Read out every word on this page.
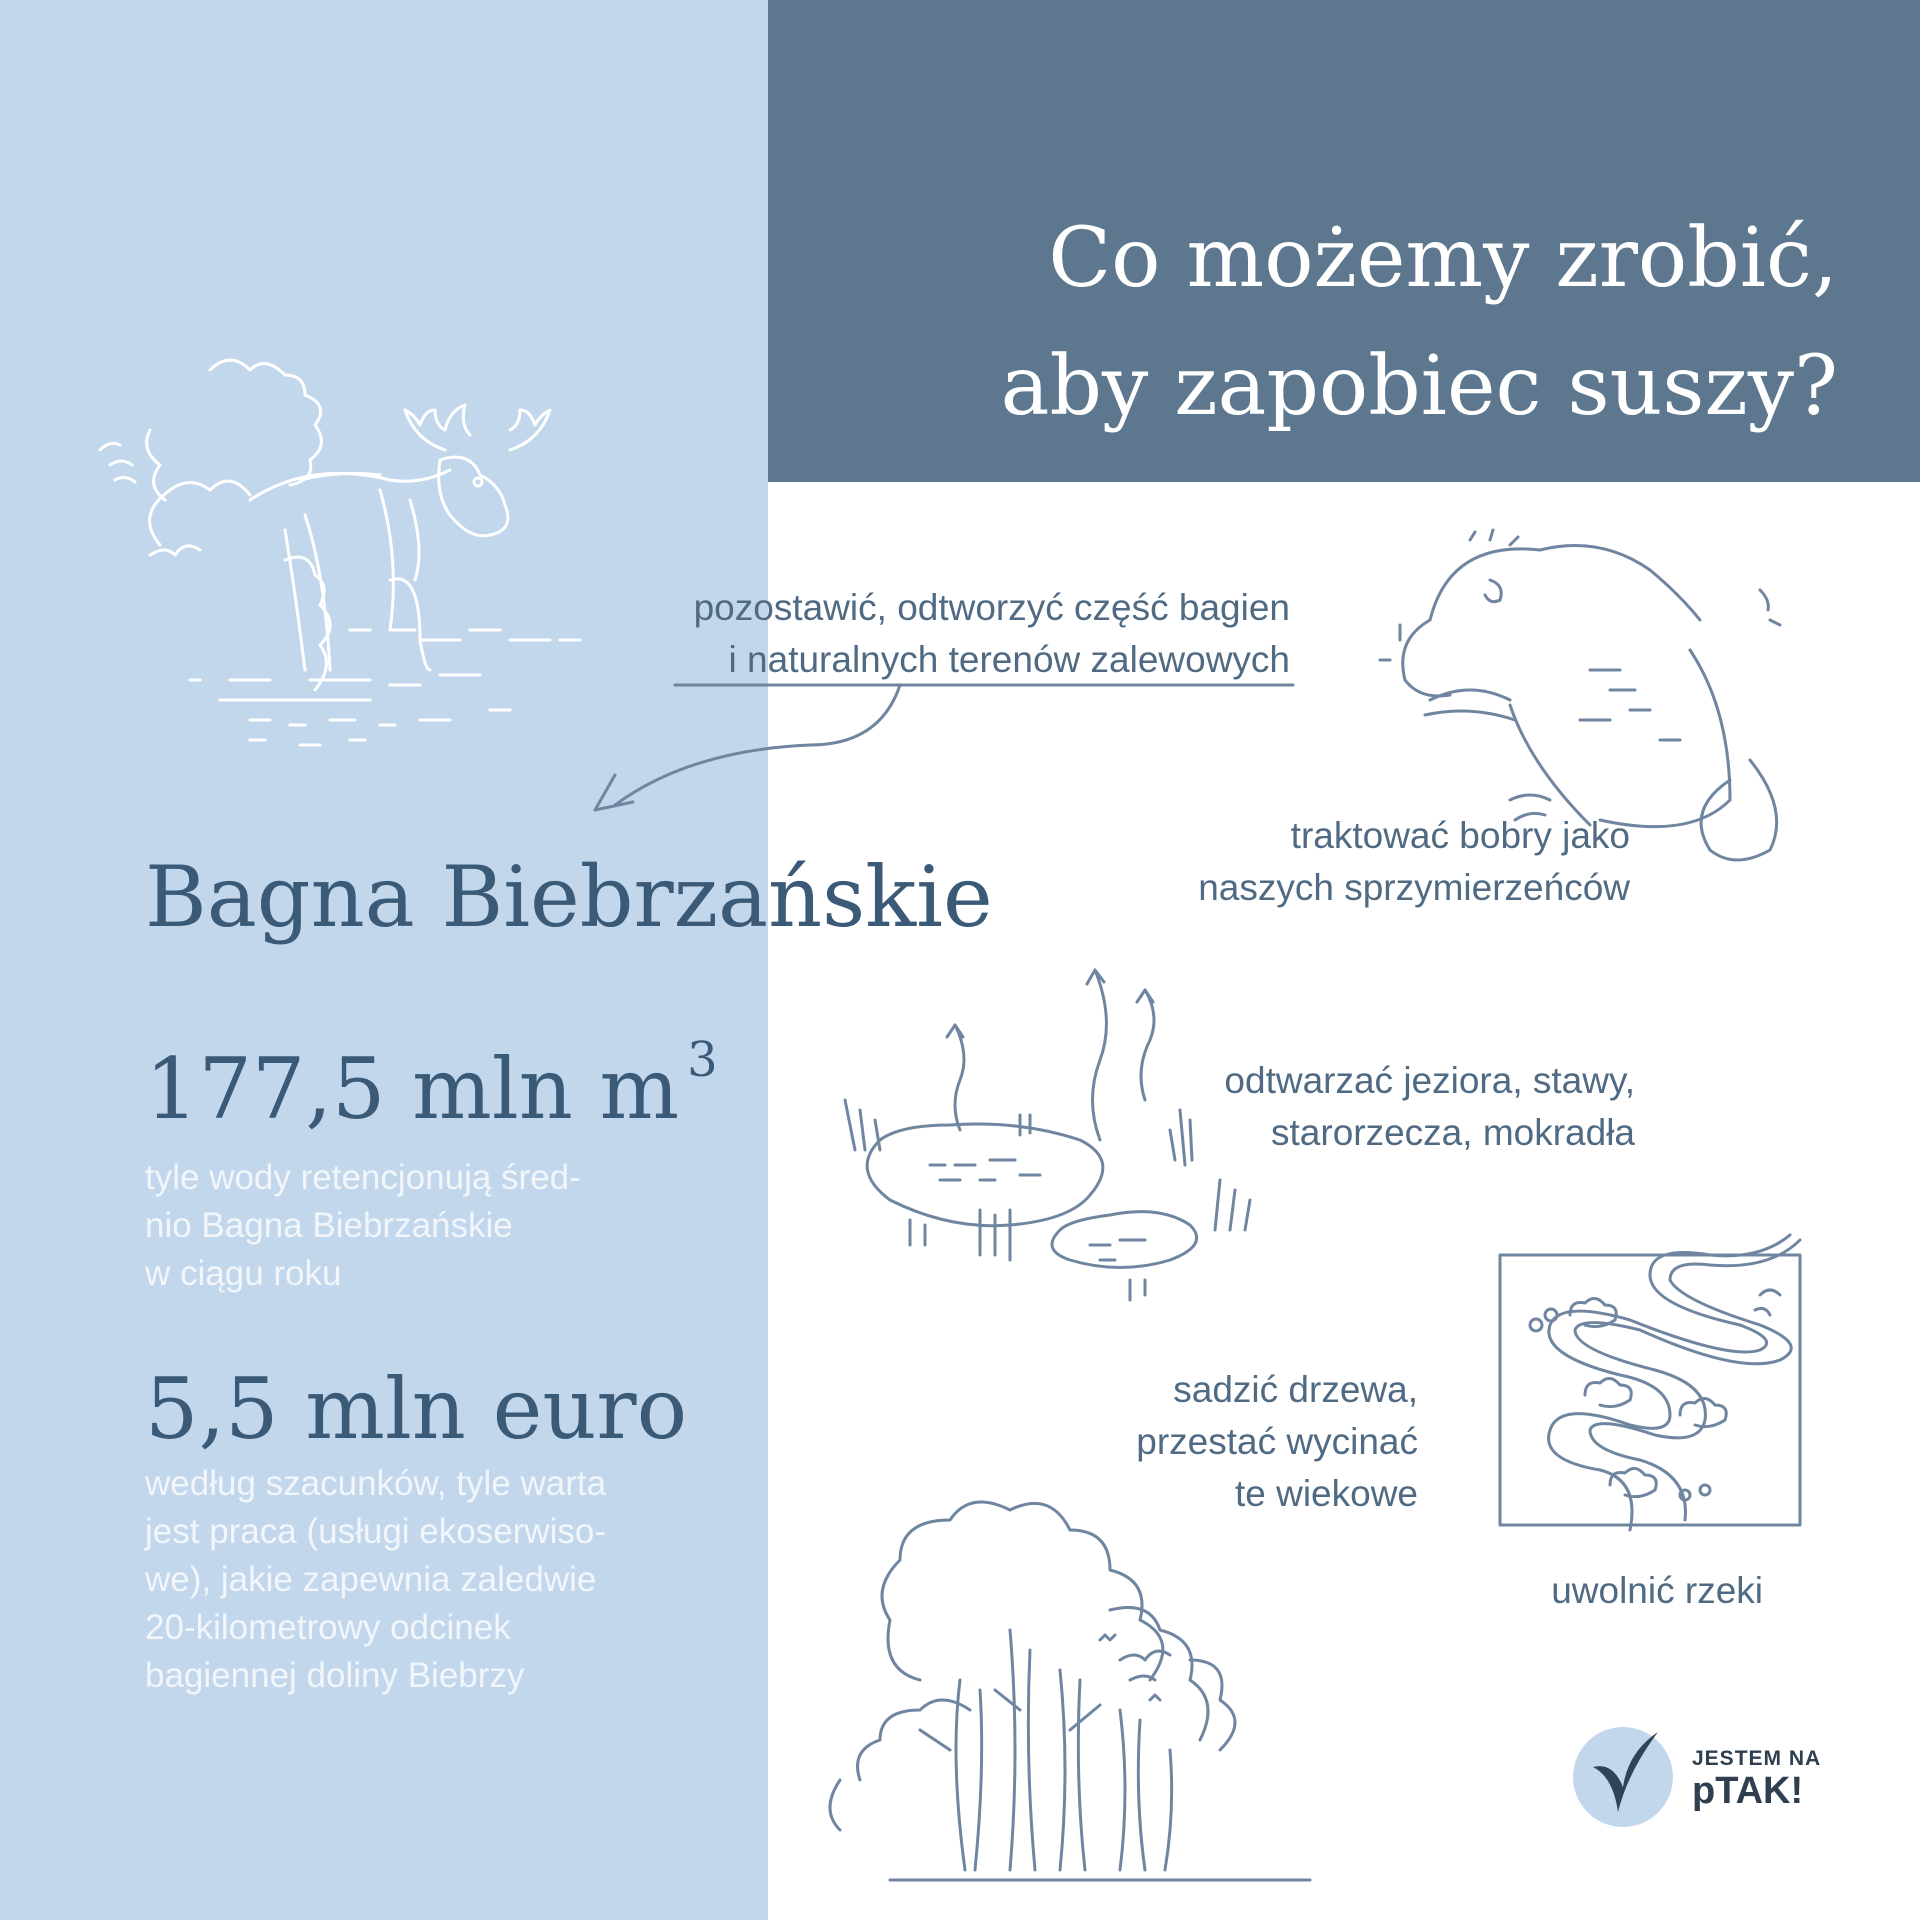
Co możemy zrobić,
aby zapobiec suszy?
pozostawić, odtworzyć część bagien
i naturalnych terenów zalewowych
traktować bobry jako
naszych sprzymierzeńców
Bagna Biebrzańskie
177,5 mln m $^3$
tyle wody retencjonują śred-
nio Bagna Biebrzańskie
w ciągu roku
5,5 mln euro
według szacunków, tyle warta
jest praca (usługi ekoserwiso-
we), jakie zapewnia zaledwie
20-kilometrowy odcinek
bagiennej doliny Biebrzy
odtwarzać jeziora, stawy,
starorzecza, mokradła
sadzić drzewa,
przestać wycinać
te wiekowe
uwolnić rzeki
JESTEM NA
pTAK!
